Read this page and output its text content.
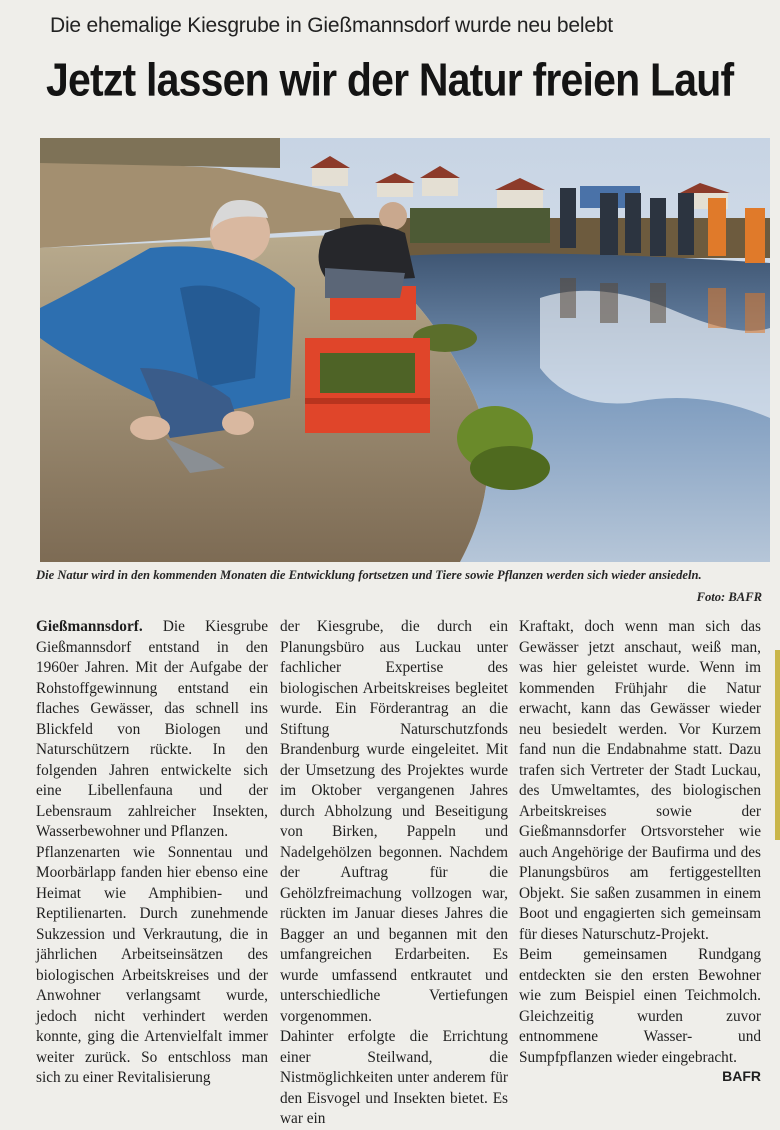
Die ehemalige Kiesgrube in Gießmannsdorf wurde neu belebt
Jetzt lassen wir der Natur freien Lauf
Die Natur wird in den kommenden Monaten die Entwicklung fortsetzen und Tiere sowie Pflanzen werden sich wieder ansiedeln.
Foto: BAFR

Gießmannsdorf. Die Kiesgrube Gießmannsdorf entstand in den 1960er Jahren. Mit der Aufgabe der Rohstoffgewinnung entstand ein flaches Gewässer, das schnell ins Blickfeld von Biologen und Naturschützern rückte. In den folgenden Jahren entwickelte sich eine Libellenfauna und der Lebensraum zahlreicher Insekten, Wasserbewohner und Pflanzen.

Pflanzenarten wie Sonnentau und Moorbärlapp fanden hier ebenso eine Heimat wie Amphibien- und Reptilienarten. Durch zunehmende Sukzession und Verkrautung, die in jährlichen Arbeitseinsätzen des biologischen Arbeitskreises und der Anwohner verlangsamt wurde, jedoch nicht verhindert werden konnte, ging die Artenvielfalt immer weiter zurück. So entschloss man sich zu einer Revitalisierung

der Kiesgrube, die durch ein Planungsbüro aus Luckau unter fachlicher Expertise des biologischen Arbeitskreises begleitet wurde. Ein Förderantrag an die Stiftung Naturschutzfonds Brandenburg wurde eingeleitet. Mit der Umsetzung des Projektes wurde im Oktober vergangenen Jahres durch Abholzung und Beseitigung von Birken, Pappeln und Nadelgehölzen begonnen. Nachdem der Auftrag für die Gehölzfreimachung vollzogen war, rückten im Januar dieses Jahres die Bagger an und begannen mit den umfangreichen Erdarbeiten. Es wurde umfassend entkrautet und unterschiedliche Vertiefungen vorgenommen.

Dahinter erfolgte die Errichtung einer Steilwand, die Nistmöglichkeiten unter anderem für den Eisvogel und Insekten bietet. Es war ein

Kraftakt, doch wenn man sich das Gewässer jetzt anschaut, weiß man, was hier geleistet wurde. Wenn im kommenden Frühjahr die Natur erwacht, kann das Gewässer wieder neu besiedelt werden. Vor Kurzem fand nun die Endabnahme statt. Dazu trafen sich Vertreter der Stadt Luckau, des Umweltamtes, des biologischen Arbeitskreises sowie der Gießmannsdorfer Ortsvorsteher wie auch Angehörige der Baufirma und des Planungsbüros am fertiggestellten Objekt. Sie saßen zusammen in einem Boot und engagierten sich gemeinsam für dieses Naturschutz-Projekt.

Beim gemeinsamen Rundgang entdeckten sie den ersten Bewohner wie zum Beispiel einen Teichmolch. Gleichzeitig wurden zuvor entnommene Wasser- und Sumpfpflanzen wieder eingebracht.

BAFR
